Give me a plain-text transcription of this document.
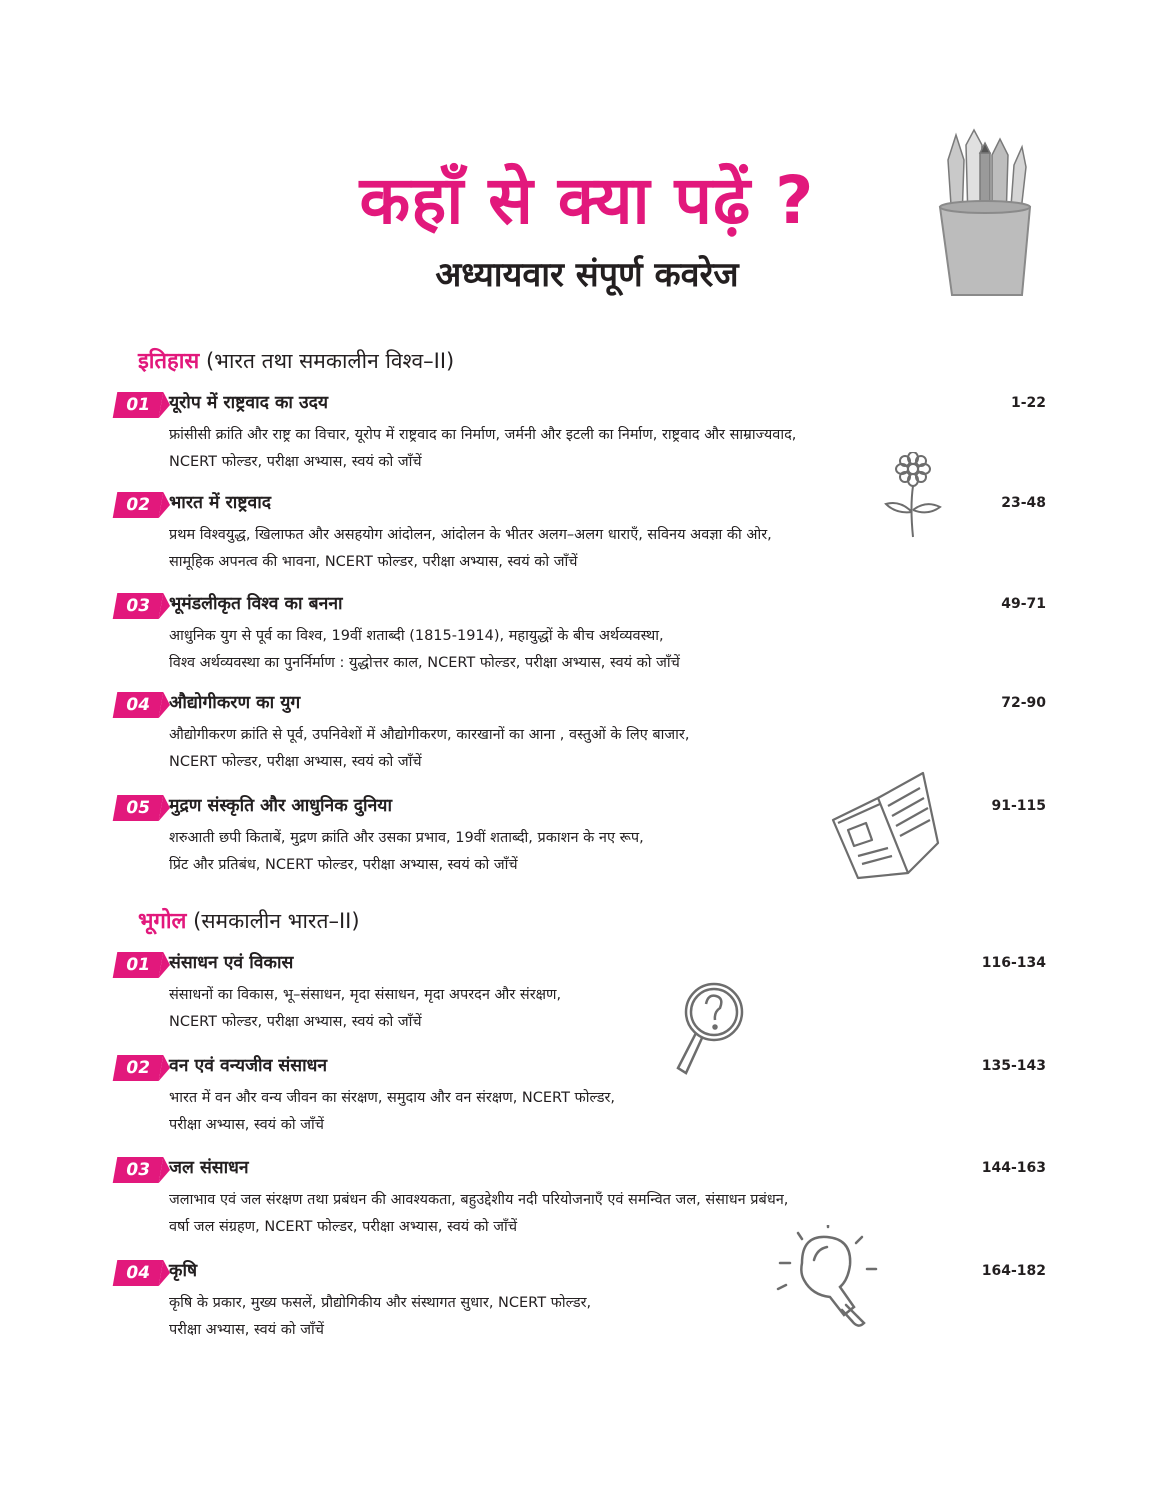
कहाँ से क्या पढ़ें ?
अध्यायवार संपूर्ण कवरेज
इतिहास (भारत तथा समकालीन विश्व–II)
01 यूरोप में राष्ट्रवाद का उदय	1-22
फ्रांसीसी क्रांति और राष्ट्र का विचार, यूरोप में राष्ट्रवाद का निर्माण, जर्मनी और इटली का निर्माण, राष्ट्रवाद और साम्राज्यवाद,
NCERT फोल्डर, परीक्षा अभ्यास, स्वयं को जाँचें
02 भारत में राष्ट्रवाद	23-48
प्रथम विश्वयुद्ध, खिलाफत और असहयोग आंदोलन, आंदोलन के भीतर अलग–अलग धाराएँ, सविनय अवज्ञा की ओर,
सामूहिक अपनत्व की भावना, NCERT फोल्डर, परीक्षा अभ्यास, स्वयं को जाँचें
03 भूमंडलीकृत विश्व का बनना	49-71
आधुनिक युग से पूर्व का विश्व, 19वीं शताब्दी (1815-1914), महायुद्धों के बीच अर्थव्यवस्था,
विश्व अर्थव्यवस्था का पुनर्निर्माण : युद्धोत्तर काल, NCERT फोल्डर, परीक्षा अभ्यास, स्वयं को जाँचें
04 औद्योगीकरण का युग	72-90
औद्योगीकरण क्रांति से पूर्व, उपनिवेशों में औद्योगीकरण, कारखानों का आना , वस्तुओं के लिए बाजार,
NCERT फोल्डर, परीक्षा अभ्यास, स्वयं को जाँचें
05 मुद्रण संस्कृति और आधुनिक दुनिया	91-115
शरुआती छपी किताबें, मुद्रण क्रांति और उसका प्रभाव, 19वीं शताब्दी, प्रकाशन के नए रूप,
प्रिंट और प्रतिबंध, NCERT फोल्डर, परीक्षा अभ्यास, स्वयं को जाँचें
भूगोल (समकालीन भारत–II)
01 संसाधन एवं विकास	116-134
संसाधनों का विकास, भू–संसाधन, मृदा संसाधन, मृदा अपरदन और संरक्षण,
NCERT फोल्डर, परीक्षा अभ्यास, स्वयं को जाँचें
02 वन एवं वन्यजीव संसाधन	135-143
भारत में वन और वन्य जीवन का संरक्षण, समुदाय और वन संरक्षण, NCERT फोल्डर,
परीक्षा अभ्यास, स्वयं को जाँचें
03 जल संसाधन	144-163
जलाभाव एवं जल संरक्षण तथा प्रबंधन की आवश्यकता, बहुउद्देशीय नदी परियोजनाएँ एवं समन्वित जल, संसाधन प्रबंधन,
वर्षा जल संग्रहण, NCERT फोल्डर, परीक्षा अभ्यास, स्वयं को जाँचें
04 कृषि	164-182
कृषि के प्रकार, मुख्य फसलें, प्रौद्योगिकीय और संस्थागत सुधार, NCERT फोल्डर,
परीक्षा अभ्यास, स्वयं को जाँचें
